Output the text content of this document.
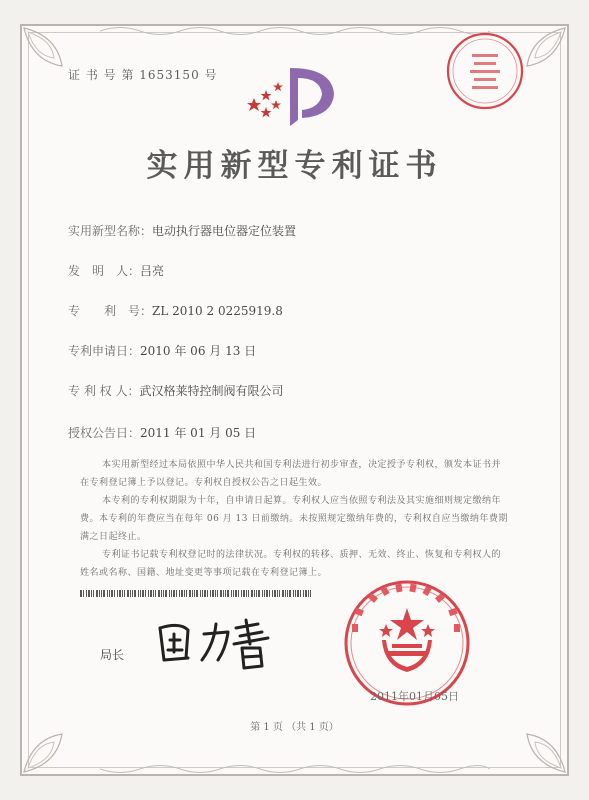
证 书 号 第 1653150 号
实用新型专利证书
实用新型名称：电动执行器电位器定位装置
发　明　人：吕亮
专　　利　号：ZL 2010 2 0225919.8
专利申请日：2010 年 06 月 13 日
专 利 权 人：武汉格莱特控制阀有限公司
授权公告日：2011 年 01 月 05 日
本实用新型经过本局依照中华人民共和国专利法进行初步审查，决定授予专利权，颁发本证书并在专利登记簿上予以登记。专利权自授权公告之日起生效。
本专利的专利权期限为十年，自申请日起算。专利权人应当依照专利法及其实施细则规定缴纳年费。本专利的年费应当在每年 06 月 13 日前缴纳。未按照规定缴纳年费的，专利权自应当缴纳年费期满之日起终止。
专利证书记载专利权登记时的法律状况。专利权的转移、质押、无效、终止、恢复和专利权人的姓名或名称、国籍、地址变更等事项记载在专利登记簿上。
局长
2011年01月05日
第 1 页 （共 1 页）
